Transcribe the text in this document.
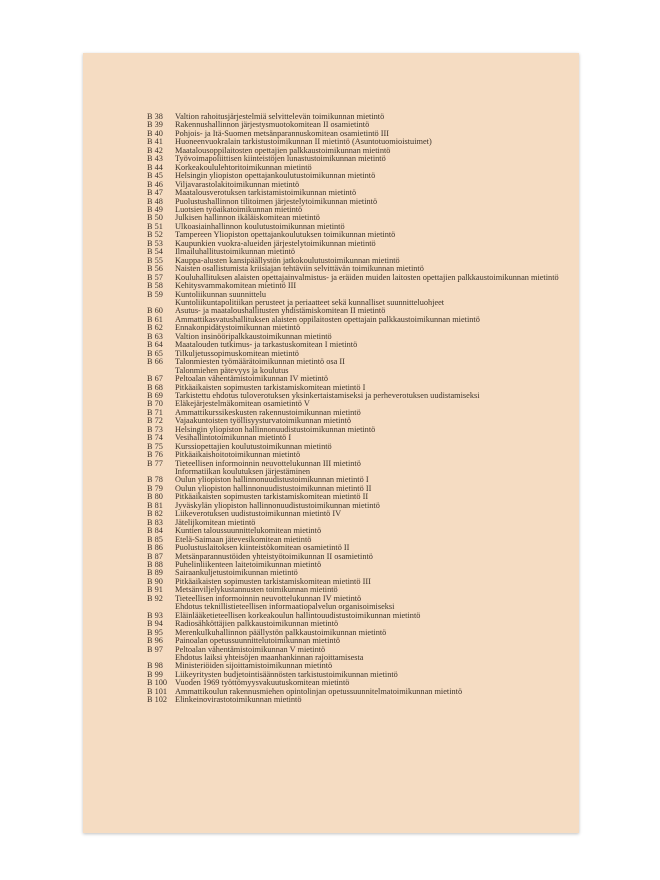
B 38	Valtion rahoitusjärjestelmiä selvittelevän toimikunnan mietintö
B 39	Rakennushallinnon järjestysmuotokomitean II osamietintö
B 40	Pohjois- ja Itä-Suomen metsänparannuskomitean osamietintö III
B 41	Huoneenvuokralain tarkistustoimikunnan II mietintö (Asuntotuomioistuimet)
B 42	Maatalousoppilaitosten opettajien palkkaustoimikunnan mietintö
B 43	Työvoimapoliittisen kiinteistöjen lunastustoimikunnan mietintö
B 44	Korkeakoululehtoritoimikunnan mietintö
B 45	Helsingin yliopiston opettajankoulutustoimikunnan mietintö
B 46	Viljavarastolakitoimikunnan mietintö
B 47	Maatalousverotuksen tarkistamistoimikunnan mietintö
B 48	Puolustushallinnon tilitoimen järjestelytoimikunnan mietintö
B 49	Luotsien työaikatoimikunnan mietintö
B 50	Julkisen hallinnon ikäläiskomitean mietintö
B 51	Ulkoasiainhallinnon koulutustoimikunnan mietintö
B 52	Tampereen Yliopiston opettajankoulutuksen toimikunnan mietintö
B 53	Kaupunkien vuokra-alueiden järjestelytoimikunnan mietintö
B 54	Ilmailuhallitustoimikunnan mietintö
B 55	Kauppa-alusten kansipäällystön jatkokoulutustoimikunnan mietintö
B 56	Naisten osallistumista kriisiajan tehtäviin selvittävän toimikunnan mietintö
B 57	Kouluhallituksen alaisten opettajainvalmistus- ja eräiden muiden laitosten opettajien palkkaustoimikunnan mietintö
B 58	Kehitysvammakomitean mietintö III
B 59	Kuntoliikunnan suunnittelu
Kuntoliikuntapolitiikan perusteet ja periaatteet sekä kunnalliset suunnitteluohjeet
B 60	Asutus- ja maataloushallitusten yhdistämiskomitean II mietintö
B 61	Ammattikasvatushallituksen alaisten oppilaitosten opettajain palkkaustoimikunnan mietintö
B 62	Ennakonpidätystoimikunnan mietintö
B 63	Valtion insinööripalkkaustoimikunnan mietintö
B 64	Maatalouden tutkimus- ja tarkastuskomitean I mietintö
B 65	Tilkuljetussopimuskomitean mietintö
B 66	Talonmiesten työmäärätoimikunnan mietintö osa II
Talonmiehen pätevyys ja koulutus
B 67	Peltoalan vähentämistoimikunnan IV mietintö
B 68	Pitkäaikaisten sopimusten tarkistamiskomitean mietintö I
B 69	Tarkistettu ehdotus tuloverotuksen yksinkertaistamiseksi ja perheverotuksen uudistamiseksi
B 70	Eläkejärjestelmäkomitean osamietintö V
B 71	Ammattikurssikeskusten rakennustoimikunnan mietintö
B 72	Vajaakuntoisten työllisyysturvatoimikunnan mietintö
B 73	Helsingin yliopiston hallinnonuudistustoimikunnan mietintö
B 74	Vesihallintotoimikunnan mietintö I
B 75	Kurssiopettajien koulutustoimikunnan mietintö
B 76	Pitkäaikaishoitotoimikunnan mietintö
B 77	Tieteellisen informoinnin neuvottelukunnan III mietintö
Informatiikan koulutuksen järjestäminen
B 78	Oulun yliopiston hallinnonuudistustoimikunnan mietintö I
B 79	Oulun yliopiston hallinnonuudistustoimikunnan mietintö II
B 80	Pitkäaikaisten sopimusten tarkistamiskomitean mietintö II
B 81	Jyväskylän yliopiston hallinnonuudistustoimikunnan mietintö
B 82	Liikeverotuksen uudistustoimikunnan mietintö IV
B 83	Jätelijkomitean mietintö
B 84	Kuntien taloussuunnittelukomitean mietintö
B 85	Etelä-Saimaan jätevesikomitean mietintö
B 86	Puolustuslaitoksen kiinteistökomitean osamietintö II
B 87	Metsänparannustöiden yhteistyötoimikunnan II osamietintö
B 88	Puhelinliikenteen laitetoimikunnan mietintö
B 89	Sairaankuljetustoimikunnan mietintö
B 90	Pitkäaikaisten sopimusten tarkistamiskomitean mietintö III
B 91	Metsänviljelykustannusten toimikunnan mietintö
B 92	Tieteellisen informoinnin neuvottelukunnan IV mietintö
Ehdotus teknillistieteellisen informaatiopalvelun organisoimiseksi
B 93	Eläinlääketieteellisen korkeakoulun hallintouudistustoimikunnan mietintö
B 94	Radiosähköttäjien palkkaustoimikunnan mietintö
B 95	Merenkulkuhallinnon päällystön palkkaustoimikunnan mietintö
B 96	Painoalan opetussuunnittelutoimikunnan mietintö
B 97	Peltoalan vähentämistoimikunnan V mietintö
Ehdotus laiksi yhteisöjen maanhankinnan rajoittamisesta
B 98	Ministeriöiden sijoittamistoimikunnan mietintö
B 99	Liikeyritysten budjetointisäännösten tarkistustoimikunnan mietintö
B 100 Vuoden 1969 työttömyysvakuutuskomitean mietintö
B 101 Ammattikoulun rakennusmiehen opintolinjan opetussuunnitelmatoimikunnan mietintö
B 102 Elinkeinovirastotoimikunnan mietintö
